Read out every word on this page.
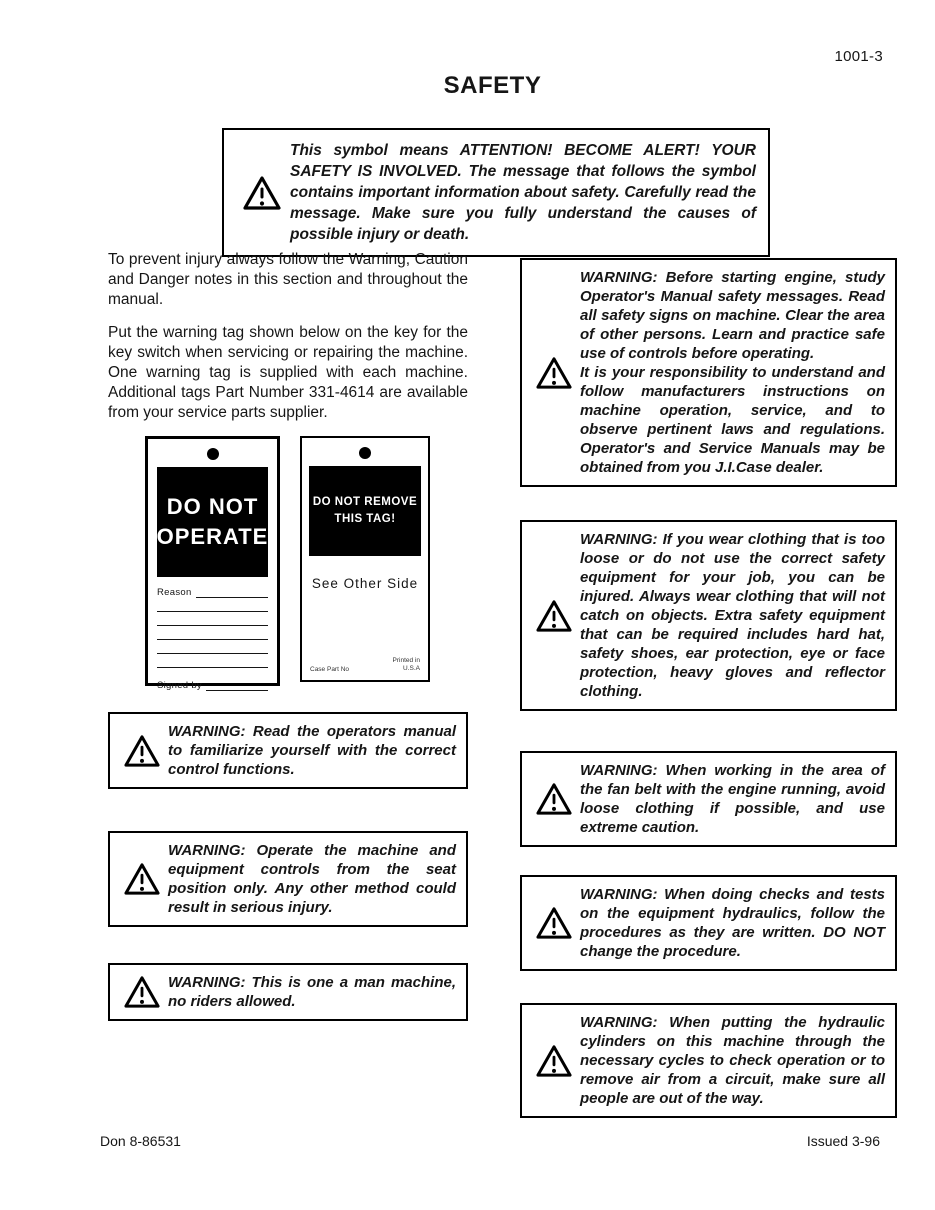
1001-3
SAFETY
This symbol means ATTENTION! BECOME ALERT! YOUR SAFETY IS INVOLVED. The message that follows the symbol contains important information about safety. Carefully read the message. Make sure you fully understand the causes of possible injury or death.

To prevent injury always follow the Warning, Caution and Danger notes in this section and throughout the manual.

Put the warning tag shown below on the key for the key switch when servicing or repairing the machine. One warning tag is supplied with each machine. Additional tags Part Number 331-4614 are available from your service parts supplier.

DO NOT
OPERATE
Reason
Signed by
DO NOT REMOVE
THIS TAG!
See Other Side
Case Part No
Printed in
U.S.A
WARNING: Read the operators manual to familiarize yourself with the correct control functions.
WARNING: Operate the machine and equipment controls from the seat position only. Any other method could result in serious injury.
WARNING: This is one a man machine, no riders allowed.

WARNING: Before starting engine, study Operator's Manual safety messages. Read all safety signs on machine. Clear the area of other persons. Learn and practice safe use of controls before operating.

It is your responsibility to understand and follow manufacturers instructions on machine operation, service, and to observe pertinent laws and regulations. Operator's and Service Manuals may be obtained from you J.I.Case dealer.

WARNING: If you wear clothing that is too loose or do not use the correct safety equipment for your job, you can be injured. Always wear clothing that will not catch on objects. Extra safety equipment that can be required includes hard hat, safety shoes, ear protection, eye or face protection, heavy gloves and reflector clothing.
WARNING: When working in the area of the fan belt with the engine running, avoid loose clothing if possible, and use extreme caution.
WARNING: When doing checks and tests on the equipment hydraulics, follow the procedures as they are written. DO NOT change the procedure.
WARNING: When putting the hydraulic cylinders on this machine through the necessary cycles to check operation or to remove air from a circuit, make sure all people are out of the way.
Don 8-86531	Issued 3-96
